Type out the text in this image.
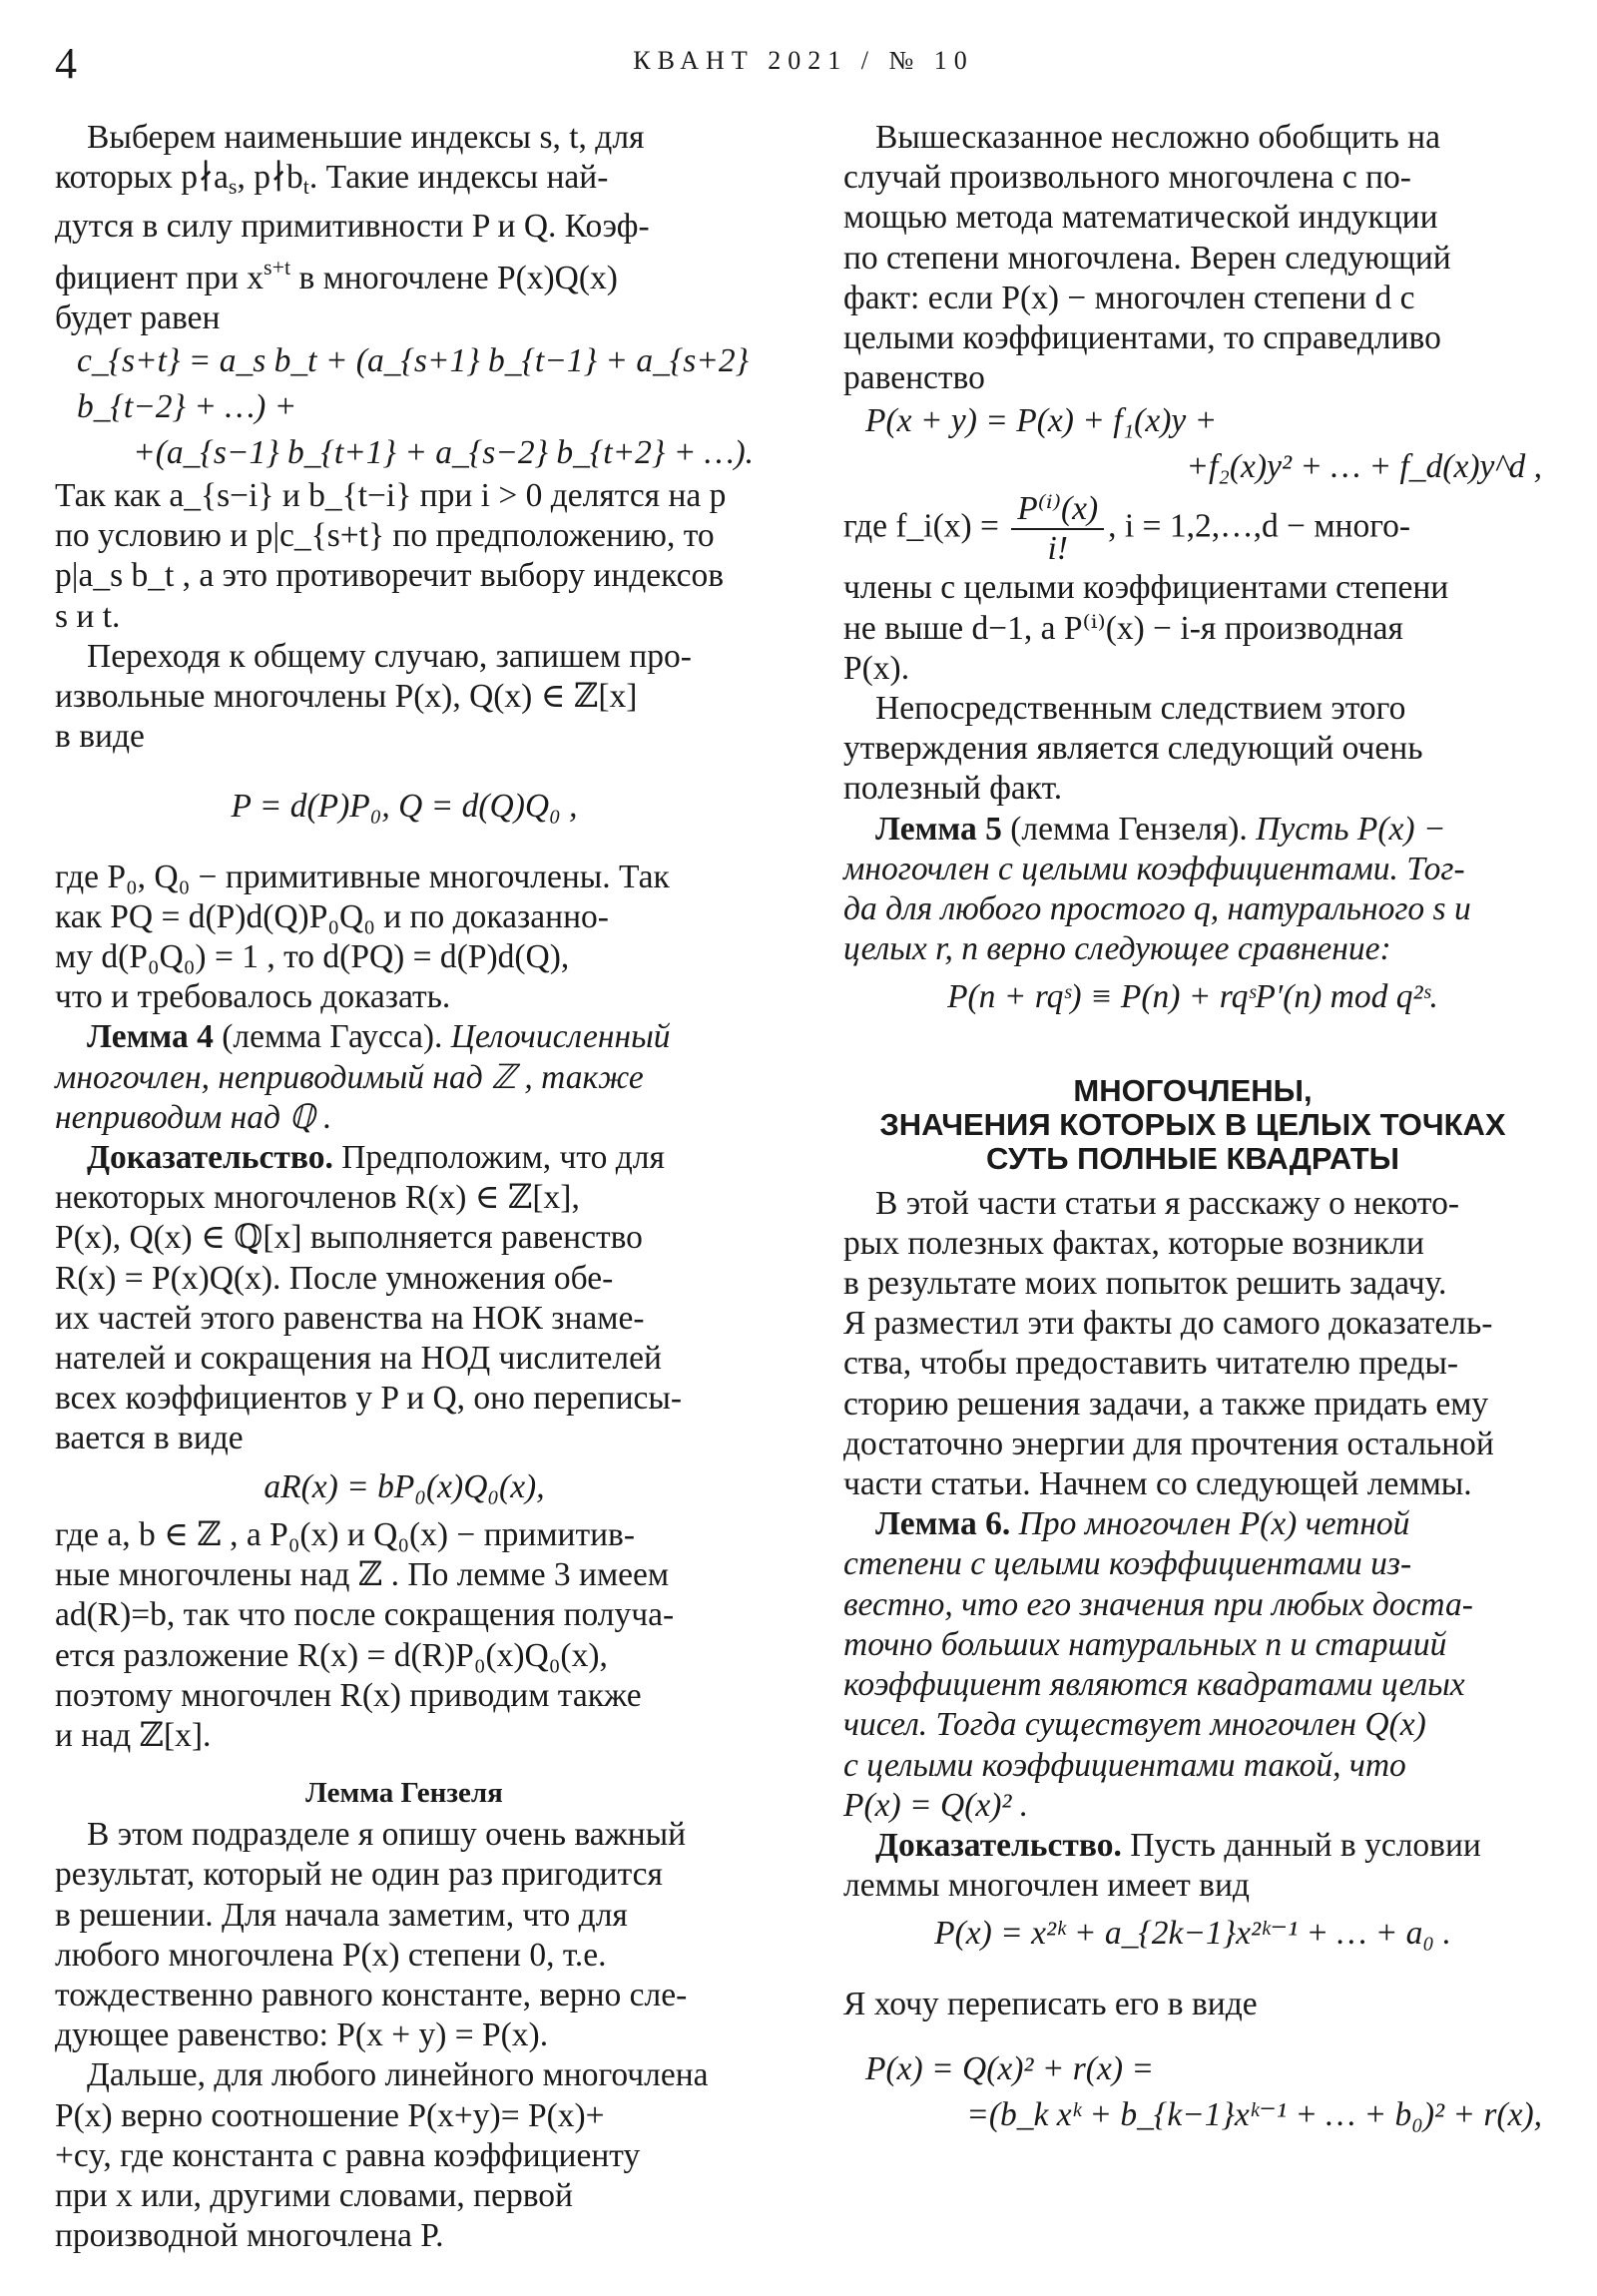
4	КВАНТ 2021 / № 10

Выберем наименьшие индексы s, t, для
которых $p∤a_s$, $p∤b_t$. Такие индексы най-
дутся в силу примитивности P и Q. Коэф-
фициент при $x^{s+t}$ в многочлене P(x)Q(x)
будет равен

c_{s+t} = a_s b_t + (a_{s+1} b_{t−1} + a_{s+2} b_{t−2} + …) +
+(a_{s−1} b_{t+1} + a_{s−2} b_{t+2} + …).

Так как a_{s−i} и b_{t−i} при i > 0 делятся на p
по условию и p|c_{s+t} по предположению, то
p|a_s b_t , а это противоречит выбору индексов
s и t.

Переходя к общему случаю, запишем про-
извольные многочлены P(x), Q(x) ∈ ℤ[x]
в виде

P = d(P)P₀, Q = d(Q)Q₀ ,

где P₀, Q₀ − примитивные многочлены. Так
как PQ = d(P)d(Q)P₀Q₀ и по доказанно-
му d(P₀Q₀) = 1 , то d(PQ) = d(P)d(Q),
что и требовалось доказать.

Лемма 4 (лемма Гаусса). Целочисленный
многочлен, неприводимый над ℤ , также
неприводим над ℚ .

Доказательство. Предположим, что для
некоторых многочленов R(x) ∈ ℤ[x],
P(x), Q(x) ∈ ℚ[x] выполняется равенство
R(x) = P(x)Q(x). После умножения обе-
их частей этого равенства на НОК знаме-
нателей и сокращения на НОД числителей
всех коэффициентов у P и Q, оно переписы-
вается в виде

aR(x) = bP₀(x)Q₀(x),

где a, b ∈ ℤ , а P₀(x) и Q₀(x) − примитив-
ные многочлены над ℤ . По лемме 3 имеем
ad(R)=b, так что после сокращения получа-
ется разложение R(x) = d(R)P₀(x)Q₀(x),
поэтому многочлен R(x) приводим также
и над ℤ[x].

Лемма Гензеля

В этом подразделе я опишу очень важный
результат, который не один раз пригодится
в решении. Для начала заметим, что для
любого многочлена P(x) степени 0, т.е.
тождественно равного константе, верно сле-
дующее равенство: P(x + y) = P(x).

Дальше, для любого линейного многочлена
P(x) верно соотношение P(x+y)= P(x)+
+cy, где константа c равна коэффициенту
при x или, другими словами, первой
производной многочлена P.

Вышесказанное несложно обобщить на
случай произвольного многочлена с по-
мощью метода математической индукции
по степени многочлена. Верен следующий
факт: если P(x) − многочлен степени d с
целыми коэффициентами, то справедливо
равенство

P(x + y) = P(x) + f₁(x)y +
+f₂(x)y² + … + f_d(x)y^d ,

где f_i(x) = $\frac{\text{P⁽ⁱ⁾(x)}}{i!}$ , i = 1,2,…,d − много-
члены с целыми коэффициентами степени
не выше d−1, а P⁽ⁱ⁾(x) − i-я производная
P(x).

Непосредственным следствием этого
утверждения является следующий очень
полезный факт.

Лемма 5 (лемма Гензеля). Пусть P(x) −
многочлен с целыми коэффициентами. Тог-
да для любого простого q, натурального s и
целых r, n верно следующее сравнение:

P(n + rqˢ) ≡ P(n) + rqˢP′(n) mod q²ˢ.
МНОГОЧЛЕНЫ,
ЗНАЧЕНИЯ КОТОРЫХ В ЦЕЛЫХ ТОЧКАХ
СУТЬ ПОЛНЫЕ КВАДРАТЫ

В этой части статьи я расскажу о некото-
рых полезных фактах, которые возникли
в результате моих попыток решить задачу.
Я разместил эти факты до самого доказатель-
ства, чтобы предоставить читателю преды-
сторию решения задачи, а также придать ему
достаточно энергии для прочтения остальной
части статьи. Начнем со следующей леммы.

Лемма 6. Про многочлен P(x) четной
степени с целыми коэффициентами из-
вестно, что его значения при любых доста-
точно больших натуральных n и старший
коэффициент являются квадратами целых
чисел. Тогда существует многочлен Q(x)
с целыми коэффициентами такой, что
P(x) = Q(x)² .

Доказательство. Пусть данный в условии
леммы многочлен имеет вид

P(x) = x²ᵏ + a_{2k−1}x²ᵏ⁻¹ + … + a₀ .

Я хочу переписать его в виде

P(x) = Q(x)² + r(x) =
=(b_k xᵏ + b_{k−1}xᵏ⁻¹ + … + b₀)² + r(x),
